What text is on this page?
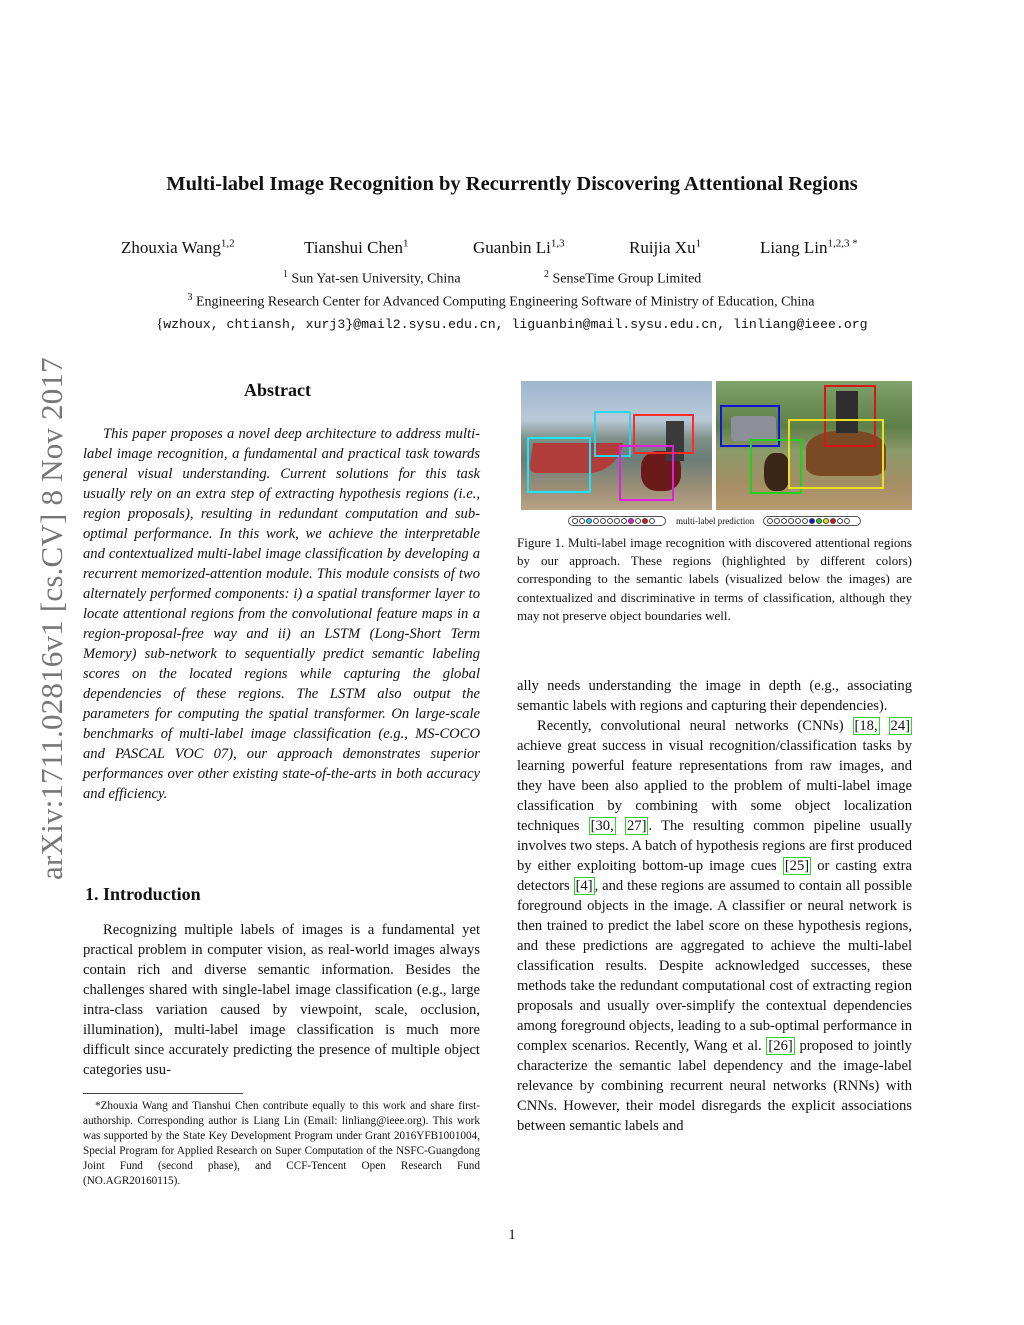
arXiv:1711.02816v1 [cs.CV] 8 Nov 2017
Multi-label Image Recognition by Recurrently Discovering Attentional Regions
Zhouxia Wang$^{1,2}$	Tianshui Chen$^1$	Guanbin Li$^{1,3}$	Ruijia Xu$^1$	Liang Lin$^{1,2,3 *}$
$^1$ Sun Yat-sen University, China	$^2$ SenseTime Group Limited
$^3$ Engineering Research Center for Advanced Computing Engineering Software of Ministry of Education, China
{wzhoux, chtiansh, xurj3}@mail2.sysu.edu.cn, liguanbin@mail.sysu.edu.cn, linliang@ieee.org
Abstract

This paper proposes a novel deep architecture to address multi-label image recognition, a fundamental and practical task towards general visual understanding. Current solutions for this task usually rely on an extra step of extracting hypothesis regions (i.e., region proposals), resulting in redundant computation and sub-optimal performance. In this work, we achieve the interpretable and contextualized multi-label image classification by developing a recurrent memorized-attention module. This module consists of two alternately performed components: i) a spatial transformer layer to locate attentional regions from the convolutional feature maps in a region-proposal-free way and ii) an LSTM (Long-Short Term Memory) sub-network to sequentially predict semantic labeling scores on the located regions while capturing the global dependencies of these regions. The LSTM also output the parameters for computing the spatial transformer. On large-scale benchmarks of multi-label image classification (e.g., MS-COCO and PASCAL VOC 07), our approach demonstrates superior performances over other existing state-of-the-arts in both accuracy and efficiency.

1. Introduction

Recognizing multiple labels of images is a fundamental yet practical problem in computer vision, as real-world images always contain rich and diverse semantic information. Besides the challenges shared with single-label image classification (e.g., large intra-class variation caused by viewpoint, scale, occlusion, illumination), multi-label image classification is much more difficult since accurately predicting the presence of multiple object categories usu-

*Zhouxia Wang and Tianshui Chen contribute equally to this work and share first-authorship. Corresponding author is Liang Lin (Email: linliang@ieee.org). This work was supported by the State Key Development Program under Grant 2016YFB1001004, Special Program for Applied Research on Super Computation of the NSFC-Guangdong Joint Fund (second phase), and CCF-Tencent Open Research Fund (NO.AGR20160115).
multi-label prediction
Figure 1. Multi-label image recognition with discovered attentional regions by our approach. These regions (highlighted by different colors) corresponding to the semantic labels (visualized below the images) are contextualized and discriminative in terms of classification, although they may not preserve object boundaries well.

ally needs understanding the image in depth (e.g., associating semantic labels with regions and capturing their dependencies).

Recently, convolutional neural networks (CNNs) [18, 24] achieve great success in visual recognition/classification tasks by learning powerful feature representations from raw images, and they have been also applied to the problem of multi-label image classification by combining with some object localization techniques [30, 27] . The resulting common pipeline usually involves two steps. A batch of hypothesis regions are first produced by either exploiting bottom-up image cues [25] or casting extra detectors [4] , and these regions are assumed to contain all possible foreground objects in the image. A classifier or neural network is then trained to predict the label score on these hypothesis regions, and these predictions are aggregated to achieve the multi-label classification results. Despite acknowledged successes, these methods take the redundant computational cost of extracting region proposals and usually over-simplify the contextual dependencies among foreground objects, leading to a sub-optimal performance in complex scenarios. Recently, Wang et al. [26] proposed to jointly characterize the semantic label dependency and the image-label relevance by combining recurrent neural networks (RNNs) with CNNs. However, their model disregards the explicit associations between semantic labels and

1
